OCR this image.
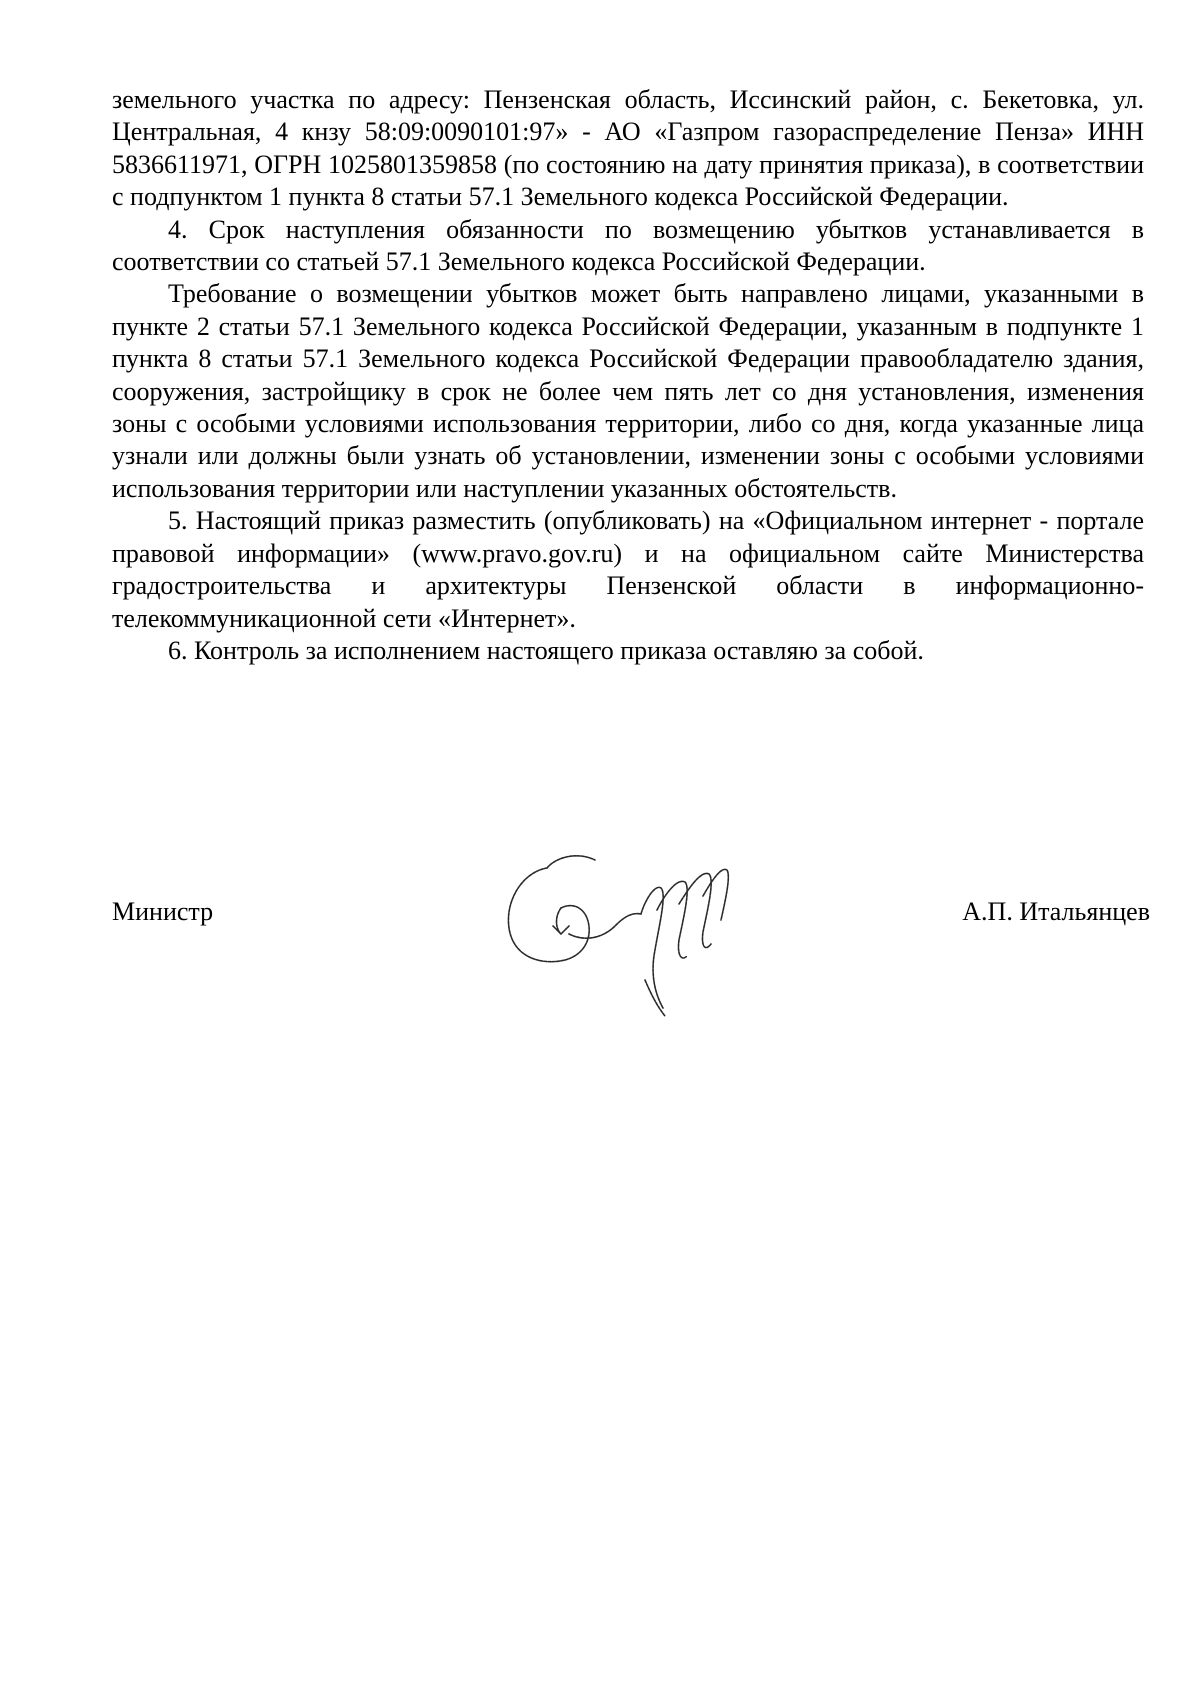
земельного участка по адресу: Пензенская область, Иссинский район, с. Бекетовка, ул. Центральная, 4 кнзу 58:09:0090101:97» - АО «Газпром газораспределение Пенза» ИНН 5836611971, ОГРН 1025801359858 (по состоянию на дату принятия приказа), в соответствии с подпунктом 1 пункта 8 статьи 57.1 Земельного кодекса Российской Федерации.

4. Срок наступления обязанности по возмещению убытков устанавливается в соответствии со статьей 57.1 Земельного кодекса Российской Федерации.

Требование о возмещении убытков может быть направлено лицами, указанными в пункте 2 статьи 57.1 Земельного кодекса Российской Федерации, указанным в подпункте 1 пункта 8 статьи 57.1 Земельного кодекса Российской Федерации правообладателю здания, сооружения, застройщику в срок не более чем пять лет со дня установления, изменения зоны с особыми условиями использования территории, либо со дня, когда указанные лица узнали или должны были узнать об установлении, изменении зоны с особыми условиями использования территории или наступлении указанных обстоятельств.

5. Настоящий приказ разместить (опубликовать) на «Официальном интернет - портале правовой информации» (www.pravo.gov.ru) и на официальном сайте Министерства градостроительства и архитектуры Пензенской области в информационно-телекоммуникационной сети «Интернет».

6. Контроль за исполнением настоящего приказа оставляю за собой.

Министр	А.П. Итальянцев
